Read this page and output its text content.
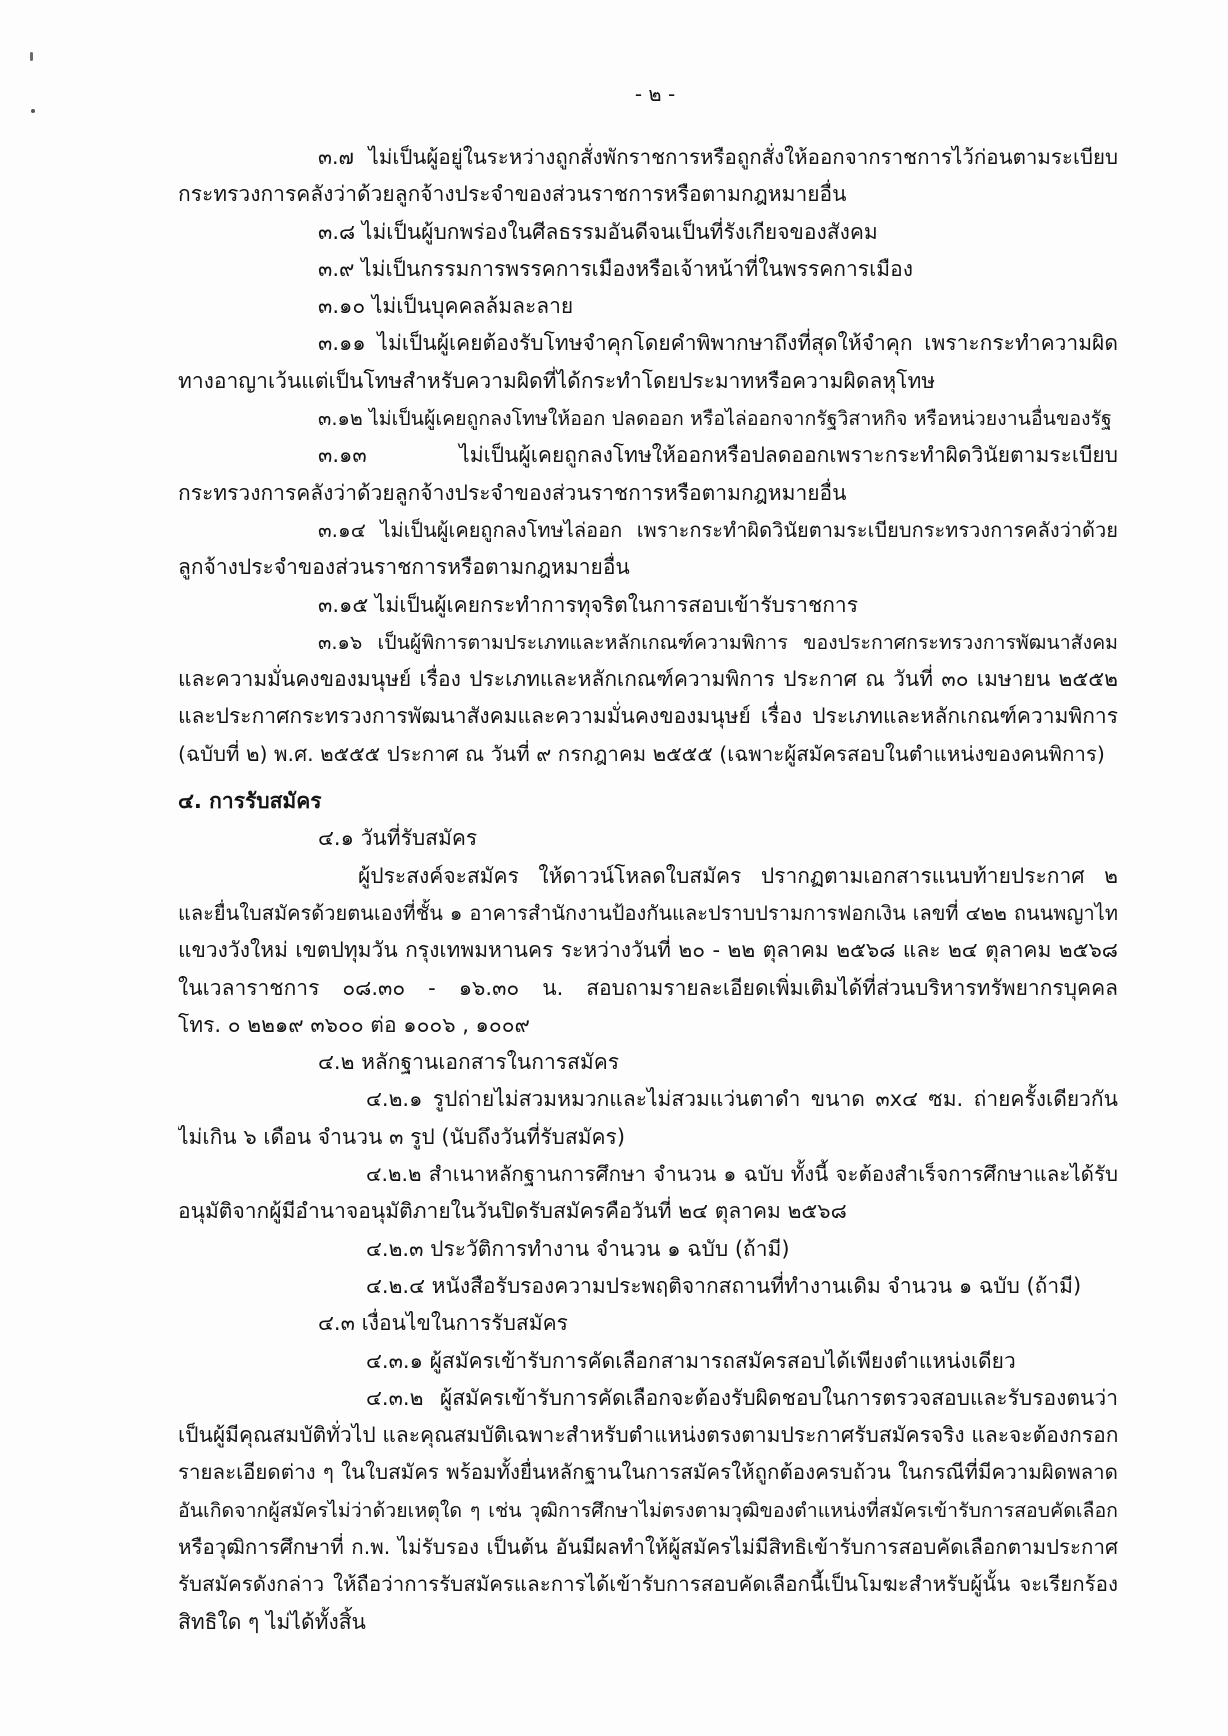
- ๒ -
๓.๗ ไม่เป็นผู้อยู่ในระหว่างถูกสั่งพักราชการหรือถูกสั่งให้ออกจากราชการไว้ก่อนตามระเบียบ
กระทรวงการคลังว่าด้วยลูกจ้างประจำของส่วนราชการหรือตามกฎหมายอื่น
๓.๘ ไม่เป็นผู้บกพร่องในศีลธรรมอันดีจนเป็นที่รังเกียจของสังคม
๓.๙ ไม่เป็นกรรมการพรรคการเมืองหรือเจ้าหน้าที่ในพรรคการเมือง
๓.๑๐ ไม่เป็นบุคคลล้มละลาย
๓.๑๑ ไม่เป็นผู้เคยต้องรับโทษจำคุกโดยคำพิพากษาถึงที่สุดให้จำคุก เพราะกระทำความผิด
ทางอาญาเว้นแต่เป็นโทษสำหรับความผิดที่ได้กระทำโดยประมาทหรือความผิดลหุโทษ
๓.๑๒ ไม่เป็นผู้เคยถูกลงโทษให้ออก ปลดออก หรือไล่ออกจากรัฐวิสาหกิจ หรือหน่วยงานอื่นของรัฐ
๓.๑๓ ไม่เป็นผู้เคยถูกลงโทษให้ออกหรือปลดออกเพราะกระทำผิดวินัยตามระเบียบ
กระทรวงการคลังว่าด้วยลูกจ้างประจำของส่วนราชการหรือตามกฎหมายอื่น
๓.๑๔ ไม่เป็นผู้เคยถูกลงโทษไล่ออก เพราะกระทำผิดวินัยตามระเบียบกระทรวงการคลังว่าด้วย
ลูกจ้างประจำของส่วนราชการหรือตามกฎหมายอื่น
๓.๑๕ ไม่เป็นผู้เคยกระทำการทุจริตในการสอบเข้ารับราชการ
๓.๑๖ เป็นผู้พิการตามประเภทและหลักเกณฑ์ความพิการ ของประกาศกระทรวงการพัฒนาสังคม
และความมั่นคงของมนุษย์ เรื่อง ประเภทและหลักเกณฑ์ความพิการ ประกาศ ณ วันที่ ๓๐ เมษายน ๒๕๕๒
และประกาศกระทรวงการพัฒนาสังคมและความมั่นคงของมนุษย์ เรื่อง ประเภทและหลักเกณฑ์ความพิการ
(ฉบับที่ ๒) พ.ศ. ๒๕๕๕ ประกาศ ณ วันที่ ๙ กรกฎาคม ๒๕๕๕ (เฉพาะผู้สมัครสอบในตำแหน่งของคนพิการ)
๔. การรับสมัคร
๔.๑ วันที่รับสมัคร
ผู้ประสงค์จะสมัคร ให้ดาวน์โหลดใบสมัคร ปรากฏตามเอกสารแนบท้ายประกาศ ๒
และยื่นใบสมัครด้วยตนเองที่ชั้น ๑ อาคารสำนักงานป้องกันและปราบปรามการฟอกเงิน เลขที่ ๔๒๒ ถนนพญาไท
แขวงวังใหม่ เขตปทุมวัน กรุงเทพมหานคร ระหว่างวันที่ ๒๐ - ๒๒ ตุลาคม ๒๕๖๘ และ ๒๔ ตุลาคม ๒๕๖๘
ในเวลาราชการ ๐๘.๓๐ - ๑๖.๓๐ น. สอบถามรายละเอียดเพิ่มเติมได้ที่ส่วนบริหารทรัพยากรบุคคล
โทร. ๐ ๒๒๑๙ ๓๖๐๐ ต่อ ๑๐๐๖ , ๑๐๐๙
๔.๒ หลักฐานเอกสารในการสมัคร
๔.๒.๑ รูปถ่ายไม่สวมหมวกและไม่สวมแว่นตาดำ ขนาด ๓x๔ ซม. ถ่ายครั้งเดียวกัน
ไม่เกิน ๖ เดือน จำนวน ๓ รูป (นับถึงวันที่รับสมัคร)
๔.๒.๒ สำเนาหลักฐานการศึกษา จำนวน ๑ ฉบับ ทั้งนี้ จะต้องสำเร็จการศึกษาและได้รับ
อนุมัติจากผู้มีอำนาจอนุมัติภายในวันปิดรับสมัครคือวันที่ ๒๔ ตุลาคม ๒๕๖๘
๔.๒.๓ ประวัติการทำงาน จำนวน ๑ ฉบับ (ถ้ามี)
๔.๒.๔ หนังสือรับรองความประพฤติจากสถานที่ทำงานเดิม จำนวน ๑ ฉบับ (ถ้ามี)
๔.๓ เงื่อนไขในการรับสมัคร
๔.๓.๑ ผู้สมัครเข้ารับการคัดเลือกสามารถสมัครสอบได้เพียงตำแหน่งเดียว
๔.๓.๒ ผู้สมัครเข้ารับการคัดเลือกจะต้องรับผิดชอบในการตรวจสอบและรับรองตนว่า
เป็นผู้มีคุณสมบัติทั่วไป และคุณสมบัติเฉพาะสำหรับตำแหน่งตรงตามประกาศรับสมัครจริง และจะต้องกรอก
รายละเอียดต่าง ๆ ในใบสมัคร พร้อมทั้งยื่นหลักฐานในการสมัครให้ถูกต้องครบถ้วน ในกรณีที่มีความผิดพลาด
อันเกิดจากผู้สมัครไม่ว่าด้วยเหตุใด ๆ เช่น วุฒิการศึกษาไม่ตรงตามวุฒิของตำแหน่งที่สมัครเข้ารับการสอบคัดเลือก
หรือวุฒิการศึกษาที่ ก.พ. ไม่รับรอง เป็นต้น อันมีผลทำให้ผู้สมัครไม่มีสิทธิเข้ารับการสอบคัดเลือกตามประกาศ
รับสมัครดังกล่าว ให้ถือว่าการรับสมัครและการได้เข้ารับการสอบคัดเลือกนี้เป็นโมฆะสำหรับผู้นั้น จะเรียกร้อง
สิทธิใด ๆ ไม่ได้ทั้งสิ้น
